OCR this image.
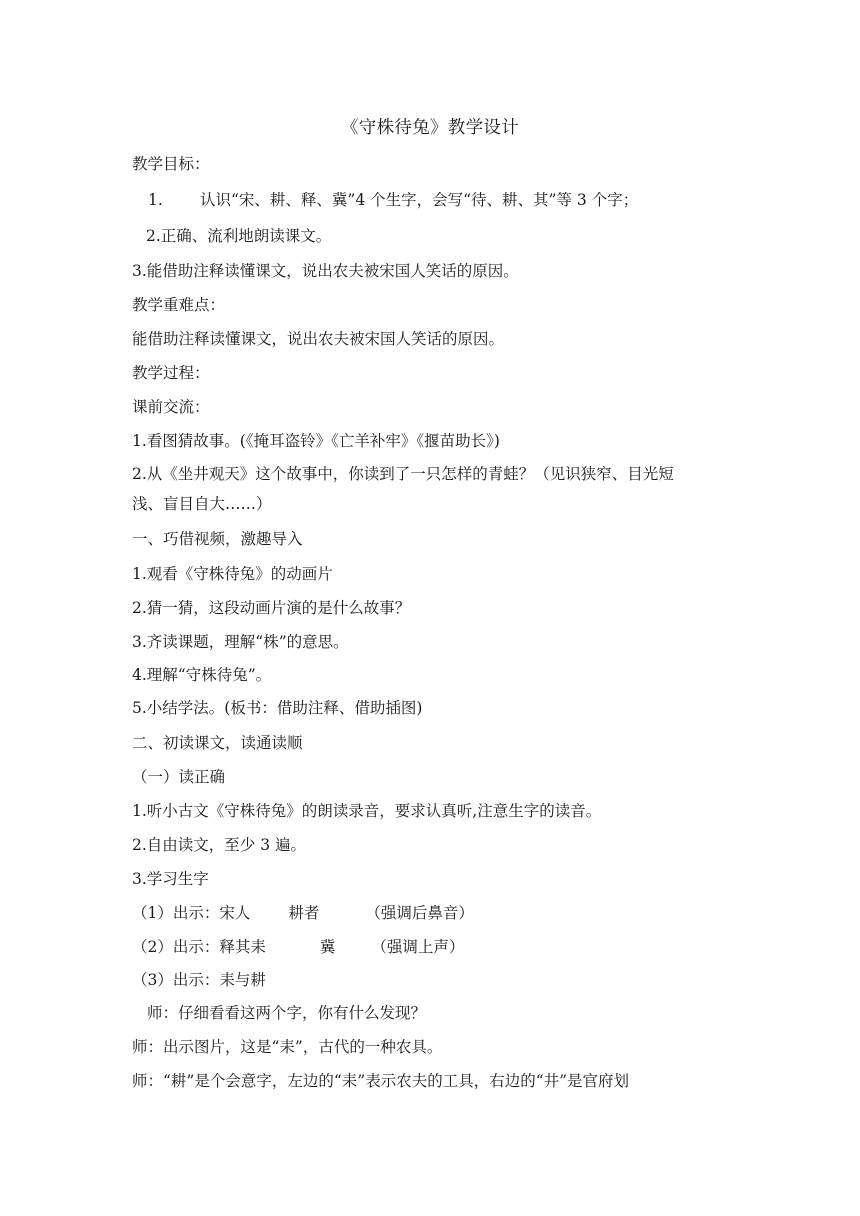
《守株待兔》教学设计
教学目标：
1. 认识“宋、耕、释、冀”4 个生字，会写“待、耕、其”等 3 个字；
2.正确、流利地朗读课文。
3.能借助注释读懂课文，说出农夫被宋国人笑话的原因。
教学重难点：
能借助注释读懂课文，说出农夫被宋国人笑话的原因。
教学过程：
课前交流：
1.看图猜故事。(《掩耳盗铃》《亡羊补牢》《揠苗助长》)
2.从《坐井观天》这个故事中，你读到了一只怎样的青蛙？（见识狭窄、目光短
浅、盲目自大……）
一、巧借视频，激趣导入
1.观看《守株待兔》的动画片
2.猜一猜，这段动画片演的是什么故事？
3.齐读课题，理解“株”的意思。
4.理解“守株待兔”。
5.小结学法。(板书：借助注释、借助插图)
二、初读课文，读通读顺
（一）读正确
1.听小古文《守株待兔》的朗读录音，要求认真听,注意生字的读音。
2.自由读文，至少 3 遍。
3.学习生字
（1）出示：宋人 耕者	（强调后鼻音）
（2）出示：释其耒	冀 （强调上声）
（3）出示：耒与耕
师：仔细看看这两个字，你有什么发现？
师：出示图片，这是“耒”，古代的一种农具。
师：“耕”是个会意字，左边的“耒”表示农夫的工具，右边的“井”是官府划
